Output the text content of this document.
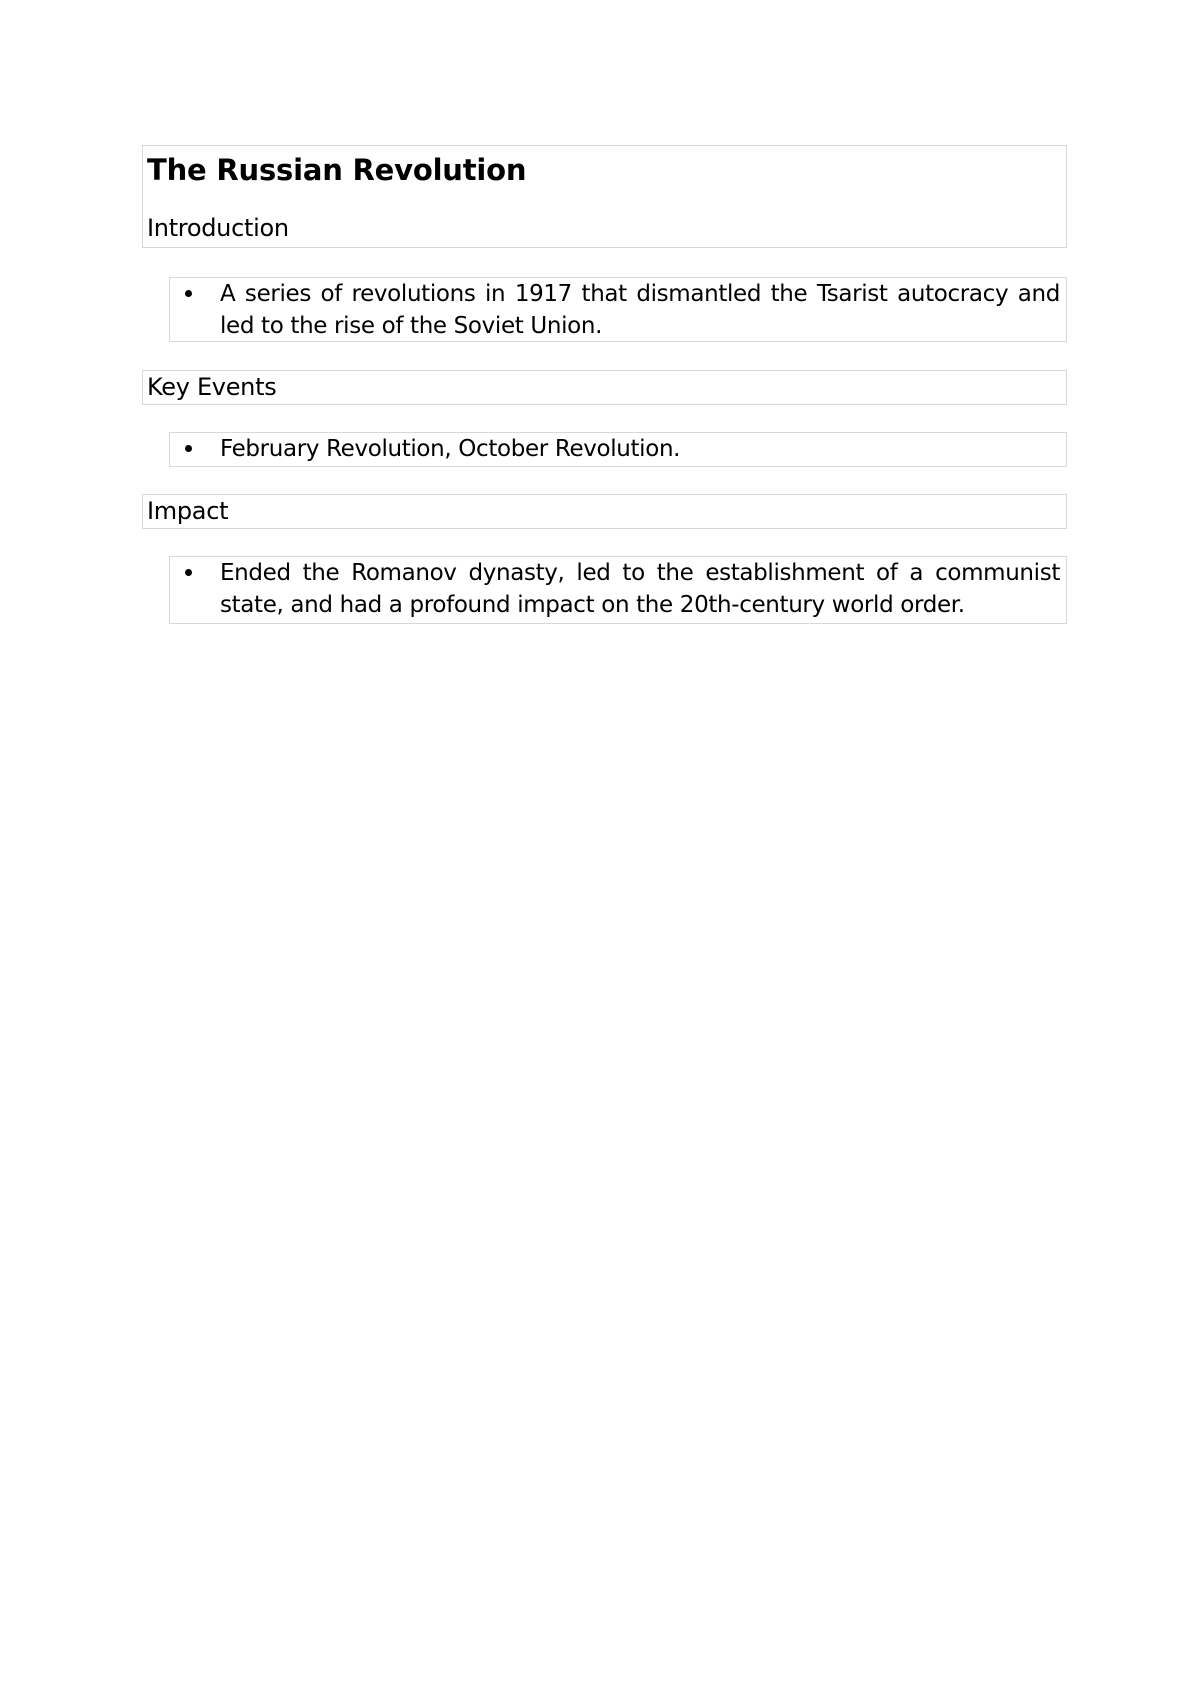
The Russian Revolution
Introduction
A series of revolutions in 1917 that dismantled the Tsarist autocracy and led to the rise of the Soviet Union.
Key Events
February Revolution, October Revolution.
Impact
Ended the Romanov dynasty, led to the establishment of a communist state, and had a profound impact on the 20th-century world order.
